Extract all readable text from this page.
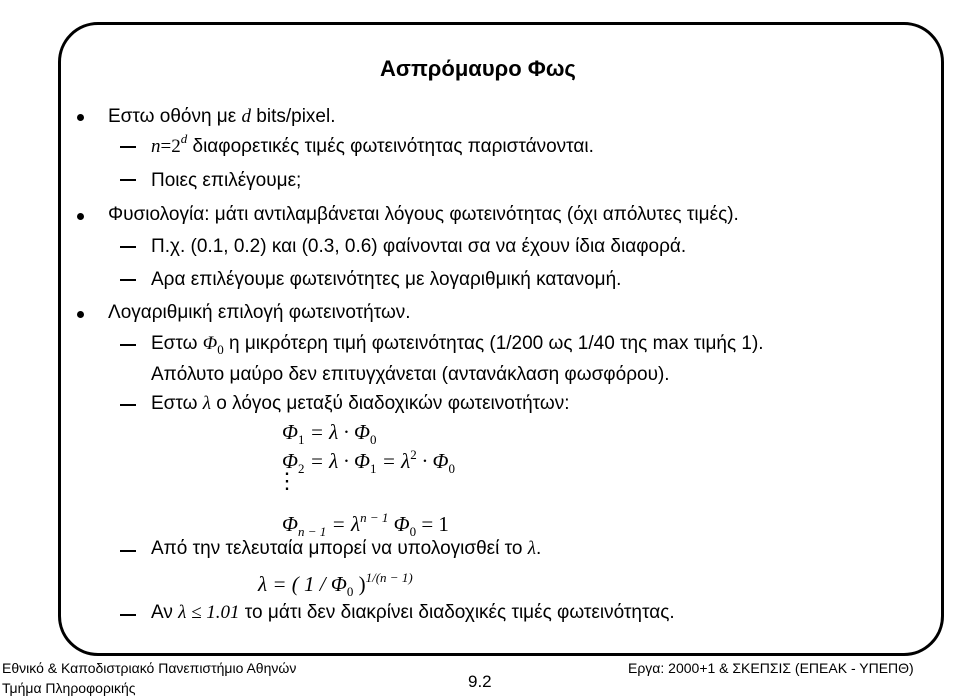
Ασπρόμαυρο Φως
Εστω οθόνη με d bits/pixel.
$n=2^d$ διαφορετικές τιμές φωτεινότητας παριστάνονται.
Ποιες επιλέγουμε;
Φυσιολογία: μάτι αντιλαμβάνεται λόγους φωτεινότητας (όχι απόλυτες τιμές).
Π.χ. (0.1, 0.2) και (0.3, 0.6) φαίνονται σα να έχουν ίδια διαφορά.
Αρα επιλέγουμε φωτεινότητες με λογαριθμική κατανομή.
Λογαριθμική επιλογή φωτεινοτήτων.
Εστω $\Phi_0$ η μικρότερη τιμή φωτεινότητας (1/200 ως 1/40 της max τιμής 1).
Απόλυτο μαύρο δεν επιτυγχάνεται (αντανάκλαση φωσφόρου).
Εστω λ ο λόγος μεταξύ διαδοχικών φωτεινοτήτων:
$\Phi_1 = \lambda \cdot \Phi_0$
$\Phi_2 = \lambda \cdot \Phi_1 = \lambda^2 \cdot \Phi_0$
⋮
$\Phi_{n - 1} = \lambda^{n - 1}$ $\Phi_0 = 1$
Από την τελευταία μπορεί να υπολογισθεί το λ.
λ = ( $1 / \Phi_0$ )$^{1/(n - 1)}$
Αν λ ≤ 1.01 το μάτι δεν διακρίνει διαδοχικές τιμές φωτεινότητας.
Εθνικό & Καποδιστριακό Πανεπιστήμιο Αθηνών
Τμήμα Πληροφορικής	9.2
Εργα: 2000+1 & ΣΚΕΠΣΙΣ (ΕΠΕΑΚ - ΥΠΕΠΘ)
